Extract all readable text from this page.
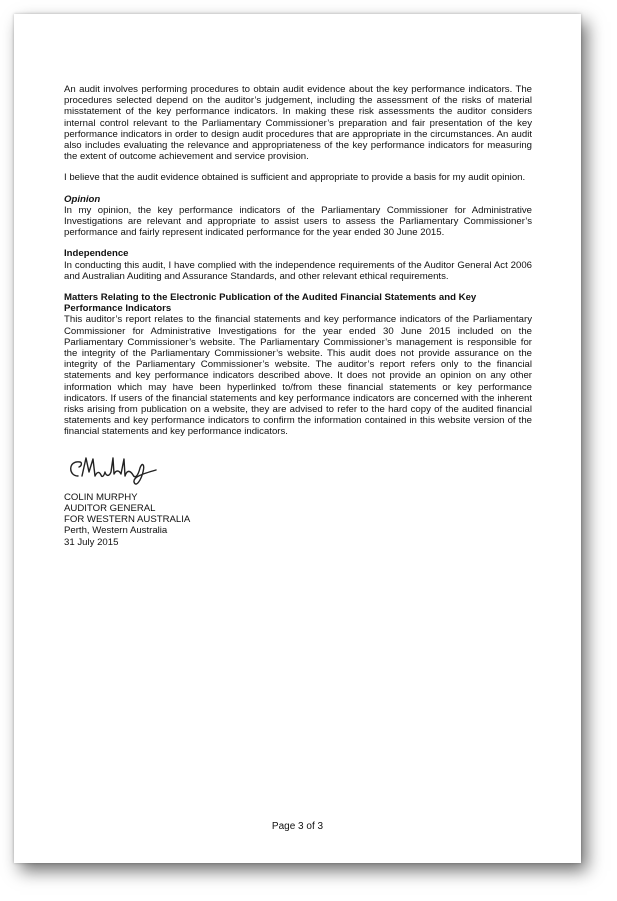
An audit involves performing procedures to obtain audit evidence about the key performance indicators. The procedures selected depend on the auditor’s judgement, including the assessment of the risks of material misstatement of the key performance indicators. In making these risk assessments the auditor considers internal control relevant to the Parliamentary Commissioner’s preparation and fair presentation of the key performance indicators in order to design audit procedures that are appropriate in the circumstances. An audit also includes evaluating the relevance and appropriateness of the key performance indicators for measuring the extent of outcome achievement and service provision.

I believe that the audit evidence obtained is sufficient and appropriate to provide a basis for my audit opinion.

Opinion

In my opinion, the key performance indicators of the Parliamentary Commissioner for Administrative Investigations are relevant and appropriate to assist users to assess the Parliamentary Commissioner’s performance and fairly represent indicated performance for the year ended 30 June 2015.

Independence

In conducting this audit, I have complied with the independence requirements of the Auditor General Act 2006 and Australian Auditing and Assurance Standards, and other relevant ethical requirements.

Matters Relating to the Electronic Publication of the Audited Financial Statements and Key Performance Indicators

This auditor’s report relates to the financial statements and key performance indicators of the Parliamentary Commissioner for Administrative Investigations for the year ended 30 June 2015 included on the Parliamentary Commissioner’s website. The Parliamentary Commissioner’s management is responsible for the integrity of the Parliamentary Commissioner’s website. This audit does not provide assurance on the integrity of the Parliamentary Commissioner’s website. The auditor’s report refers only to the financial statements and key performance indicators described above. It does not provide an opinion on any other information which may have been hyperlinked to/from these financial statements or key performance indicators. If users of the financial statements and key performance indicators are concerned with the inherent risks arising from publication on a website, they are advised to refer to the hard copy of the audited financial statements and key performance indicators to confirm the information contained in this website version of the financial statements and key performance indicators.

COLIN MURPHY
AUDITOR GENERAL
FOR WESTERN AUSTRALIA
Perth, Western Australia
31 July 2015
Page 3 of 3
